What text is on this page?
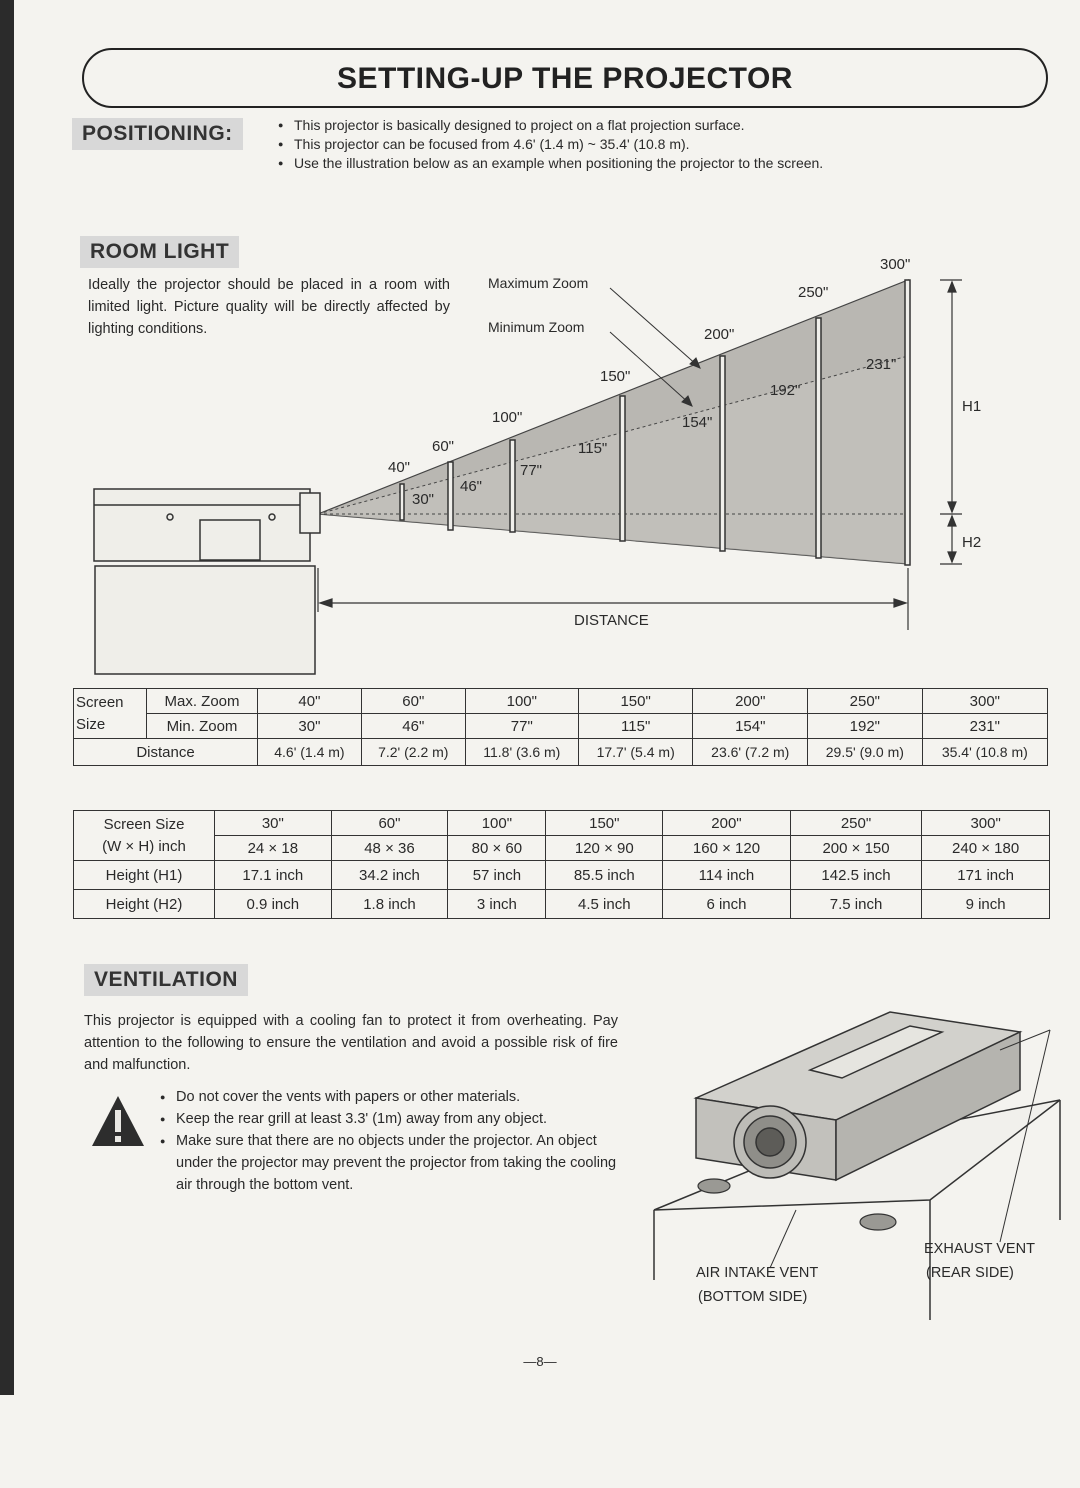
SETTING-UP THE PROJECTOR
POSITIONING:	● This projector is basically designed to project on a flat projection surface.
● This projector can be focused from 4.6' (1.4 m) ~ 35.4' (10.8 m).
● Use the illustration below as an example when positioning the projector to the screen.
ROOM LIGHT
Ideally the projector should be placed in a room with limited light. Picture quality will be directly affected by lighting conditions.
Maximum Zoom
Minimum Zoom
40"
60"
100"
150"
200"
250"
300"
30"
46"
77"
115"
154"
192"
231"
H1
H2
DISTANCE
Screen
Size	Max. Zoom	40"	60"	100"	150"	200"	250"	300"
	Min. Zoom	30"	46"	77"	115"	154"	192"	231"
Distance		4.6' (1.4 m)	7.2' (2.2 m)	11.8' (3.6 m)	17.7' (5.4 m)	23.6' (7.2 m)	29.5' (9.0 m)	35.4' (10.8 m)
Screen Size
(W × H) inch	30"	60"	100"	150"	200"	250"	300"
	24 × 18	48 × 36	80 × 60	120 × 90	160 × 120	200 × 150	240 × 180
Height (H1)	17.1 inch	34.2 inch	57 inch	85.5 inch	114 inch	142.5 inch	171 inch
Height (H2)	0.9 inch	1.8 inch	3 inch	4.5 inch	6 inch	7.5 inch	9 inch
VENTILATION
This projector is equipped with a cooling fan to protect it from overheating. Pay attention to the following to ensure the ventilation and avoid a possible risk of fire and malfunction.
● Do not cover the vents with papers or other materials.
● Keep the rear grill at least 3.3' (1m) away from any object.
● Make sure that there are no objects under the projector. An object under the projector may prevent the projector from taking the cooling air through the bottom vent.
AIR INTAKE VENT
(BOTTOM SIDE)
EXHAUST VENT
(REAR SIDE)
—8—
